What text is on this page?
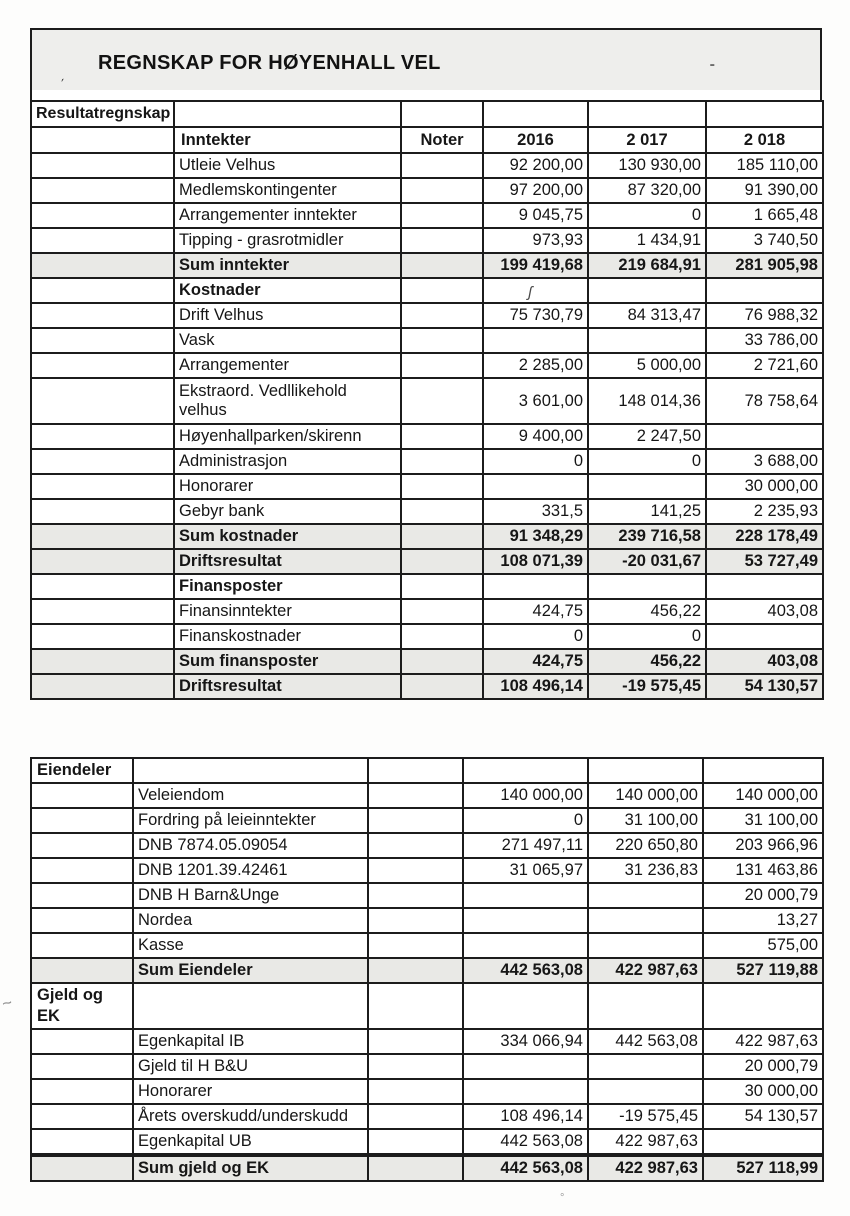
REGNSKAP FOR HØYENHALL VEL	-
Resultatregnskap					
	Inntekter	Noter	2016	2 017	2 018
	Utleie Velhus		92 200,00	130 930,00	185 110,00
	Medlemskontingenter		97 200,00	87 320,00	91 390,00
	Arrangementer inntekter		9 045,75	0	1 665,48
	Tipping - grasrotmidler		973,93	1 434,91	3 740,50
	Sum inntekter		199 419,68	219 684,91	281 905,98
	Kostnader				
	Drift Velhus		75 730,79	84 313,47	76 988,32
	Vask				33 786,00
	Arrangementer		2 285,00	5 000,00	2 721,60
	Ekstraord. Vedllikehold velhus		3 601,00	148 014,36	78 758,64
	Høyenhallparken/skirenn		9 400,00	2 247,50	
	Administrasjon		0	0	3 688,00
	Honorarer				30 000,00
	Gebyr bank		331,5	141,25	2 235,93
	Sum kostnader		91 348,29	239 716,58	228 178,49
	Driftsresultat		108 071,39	-20 031,67	53 727,49
	Finansposter				
	Finansinntekter		424,75	456,22	403,08
	Finanskostnader		0	0	
	Sum finansposter		424,75	456,22	403,08
	Driftsresultat		108 496,14	-19 575,45	54 130,57
Eiendeler					
	Veleiendom		140 000,00	140 000,00	140 000,00
	Fordring på leieinntekter		0	31 100,00	31 100,00
	DNB 7874.05.09054		271 497,11	220 650,80	203 966,96
	DNB 1201.39.42461		31 065,97	31 236,83	131 463,86
	DNB H Barn&Unge				20 000,79
	Nordea				13,27
	Kasse				575,00
	Sum Eiendeler		442 563,08	422 987,63	527 119,88
Gjeld og EK					
	Egenkapital IB		334 066,94	442 563,08	422 987,63
	Gjeld til H B&U				20 000,79
	Honorarer				30 000,00
	Årets overskudd/underskudd		108 496,14	-19 575,45	54 130,57
	Egenkapital UB		442 563,08	422 987,63	
	Sum gjeld og EK		442 563,08	422 987,63	527 118,99
´
~
ʃ
°
